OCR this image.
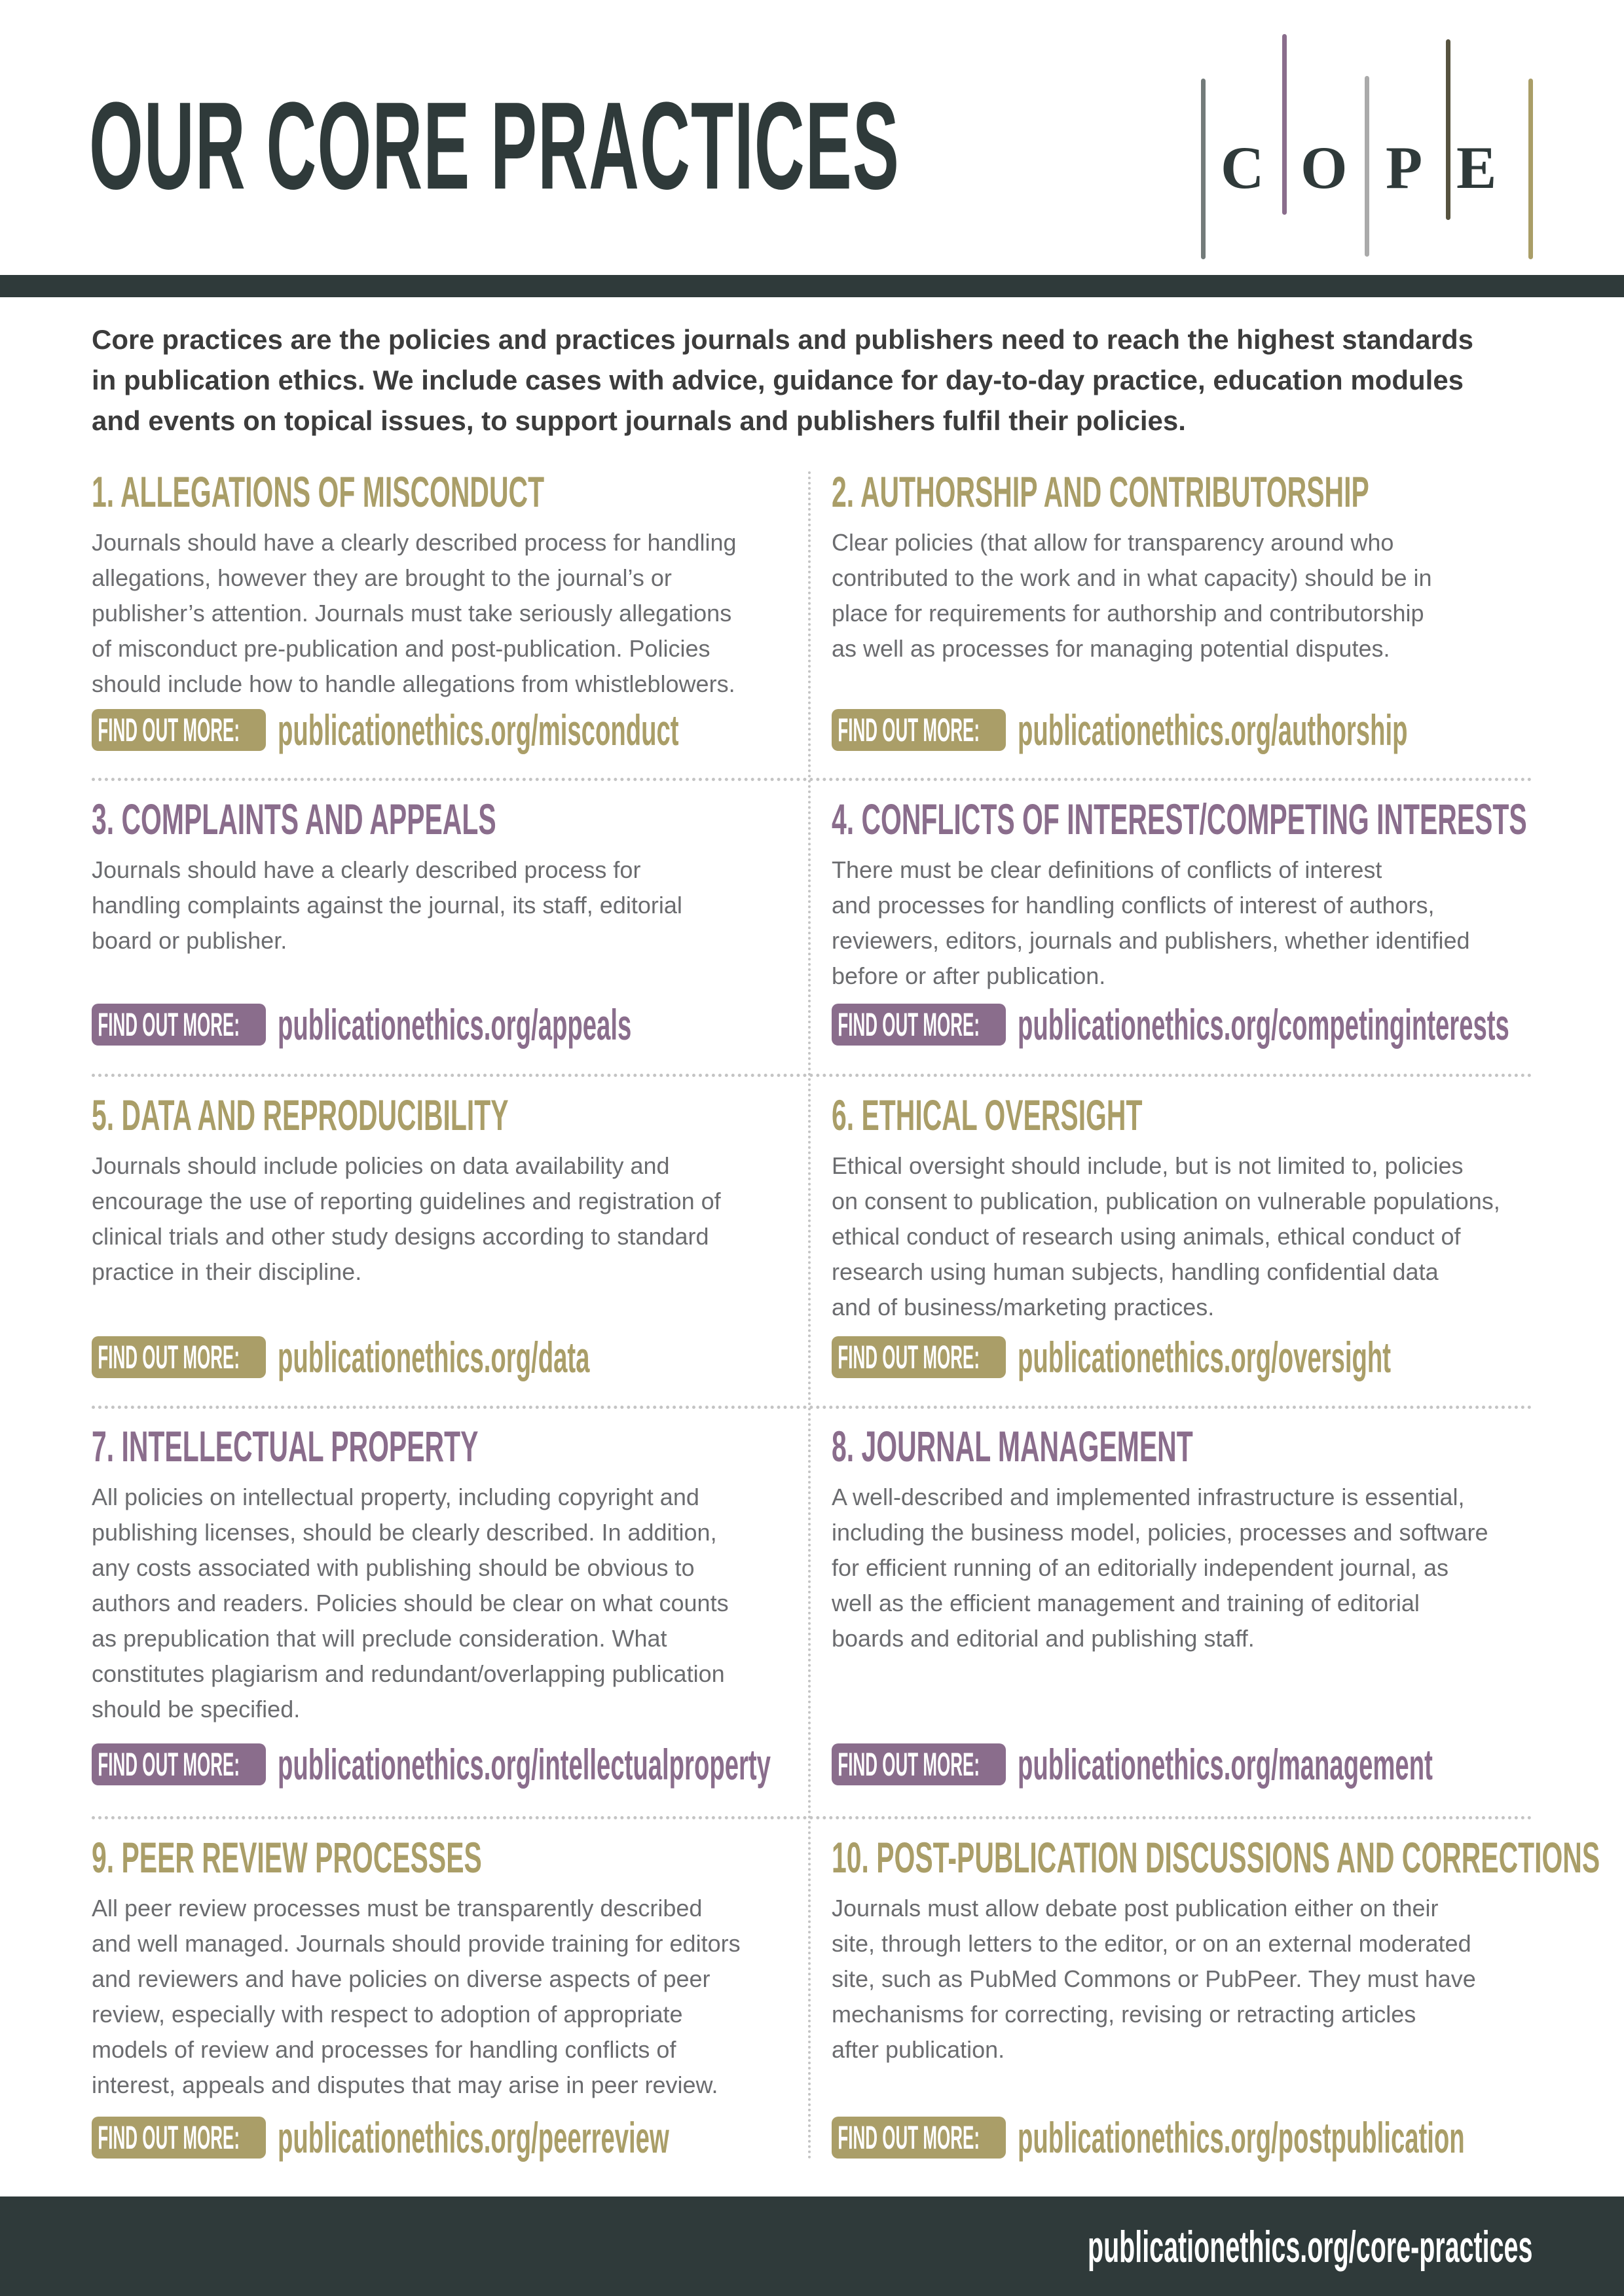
OUR CORE PRACTICES	C O P E
Core practices are the policies and practices journals and publishers need to reach the highest standards
in publication ethics. We include cases with advice, guidance for day-to-day practice, education modules
and events on topical issues, to support journals and publishers fulfil their policies.
1. ALLEGATIONS OF MISCONDUCT
Journals should have a clearly described process for handling
allegations, however they are brought to the journal’s or
publisher’s attention. Journals must take seriously allegations
of misconduct pre-publication and post-publication. Policies
should include how to handle allegations from whistleblowers.
FIND OUT MORE: publicationethics.org/misconduct
2. AUTHORSHIP AND CONTRIBUTORSHIP
Clear policies (that allow for transparency around who
contributed to the work and in what capacity) should be in
place for requirements for authorship and contributorship
as well as processes for managing potential disputes.
FIND OUT MORE: publicationethics.org/authorship
3. COMPLAINTS AND APPEALS
Journals should have a clearly described process for
handling complaints against the journal, its staff, editorial
board or publisher.
FIND OUT MORE: publicationethics.org/appeals
4. CONFLICTS OF INTEREST/COMPETING INTERESTS
There must be clear definitions of conflicts of interest
and processes for handling conflicts of interest of authors,
reviewers, editors, journals and publishers, whether identified
before or after publication.
FIND OUT MORE: publicationethics.org/competinginterests
5. DATA AND REPRODUCIBILITY
Journals should include policies on data availability and
encourage the use of reporting guidelines and registration of
clinical trials and other study designs according to standard
practice in their discipline.
FIND OUT MORE: publicationethics.org/data
6. ETHICAL OVERSIGHT
Ethical oversight should include, but is not limited to, policies
on consent to publication, publication on vulnerable populations,
ethical conduct of research using animals, ethical conduct of
research using human subjects, handling confidential data
and of business/marketing practices.
FIND OUT MORE: publicationethics.org/oversight
7. INTELLECTUAL PROPERTY
All policies on intellectual property, including copyright and
publishing licenses, should be clearly described. In addition,
any costs associated with publishing should be obvious to
authors and readers. Policies should be clear on what counts
as prepublication that will preclude consideration. What
constitutes plagiarism and redundant/overlapping publication
should be specified.
FIND OUT MORE: publicationethics.org/intellectualproperty
8. JOURNAL MANAGEMENT
A well-described and implemented infrastructure is essential,
including the business model, policies, processes and software
for efficient running of an editorially independent journal, as
well as the efficient management and training of editorial
boards and editorial and publishing staff.
FIND OUT MORE: publicationethics.org/management
9. PEER REVIEW PROCESSES
All peer review processes must be transparently described
and well managed. Journals should provide training for editors
and reviewers and have policies on diverse aspects of peer
review, especially with respect to adoption of appropriate
models of review and processes for handling conflicts of
interest, appeals and disputes that may arise in peer review.
FIND OUT MORE: publicationethics.org/peerreview
10. POST-PUBLICATION DISCUSSIONS AND CORRECTIONS
Journals must allow debate post publication either on their
site, through letters to the editor, or on an external moderated
site, such as PubMed Commons or PubPeer. They must have
mechanisms for correcting, revising or retracting articles
after publication.
FIND OUT MORE: publicationethics.org/postpublication
publicationethics.org/core-practices
